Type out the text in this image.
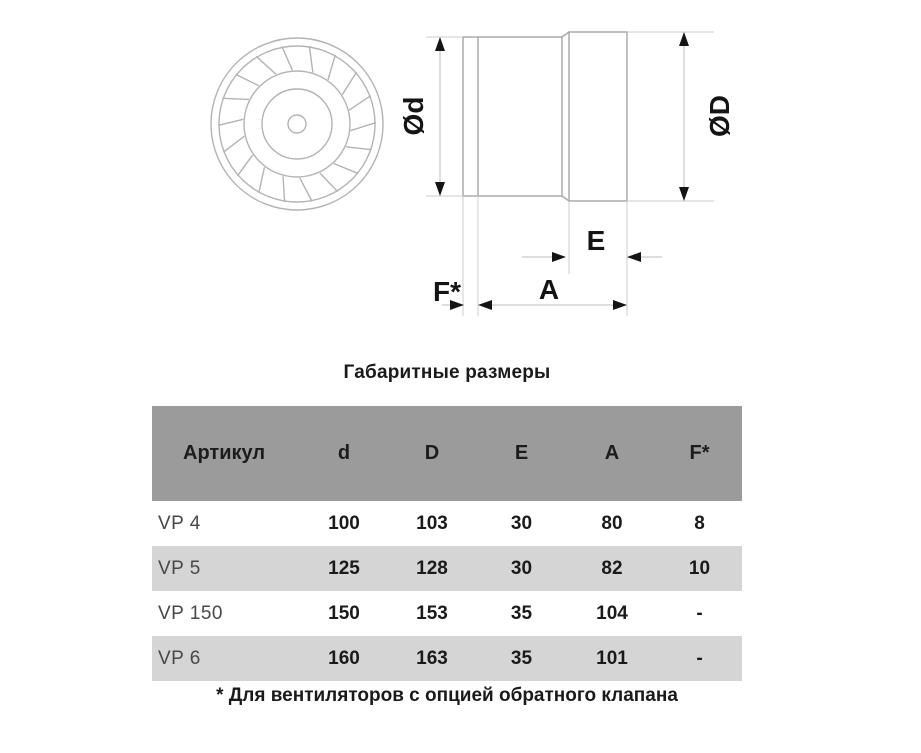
Ød	ØD
E
A
F*
Габаритные размеры
Артикул	d	D	E	A	F*
VP 4	100	103	30	80	8
VP 5	125	128	30	82	10
VP 150	150	153	35	104	-
VP 6	160	163	35	101	-
* Для вентиляторов с опцией обратного клапана
